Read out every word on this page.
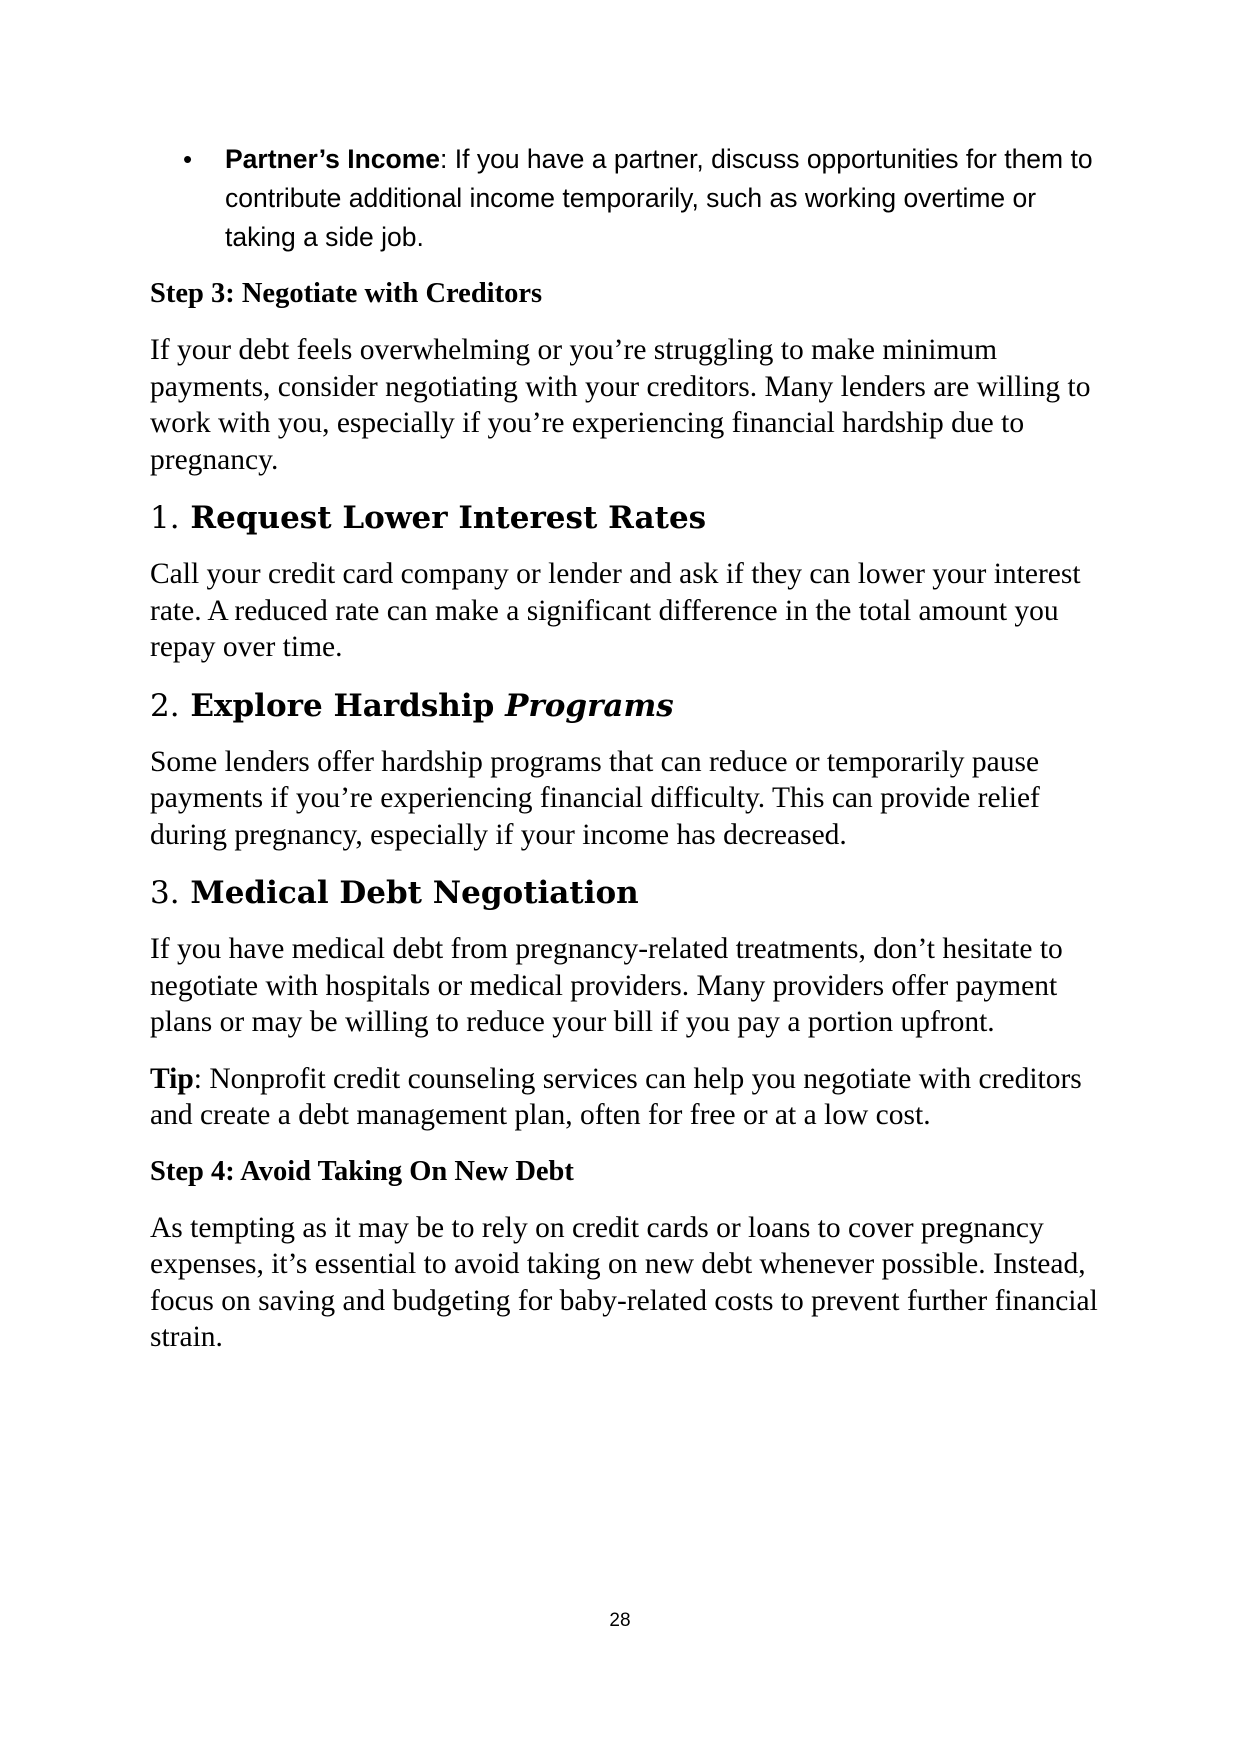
• Partner’s Income: If you have a partner, discuss opportunities for them to contribute additional income temporarily, such as working overtime or taking a side job.
Step 3: Negotiate with Creditors

If your debt feels overwhelming or you’re struggling to make minimum payments, consider negotiating with your creditors. Many lenders are willing to work with you, especially if you’re experiencing financial hardship due to pregnancy.

1. Request Lower Interest Rates

Call your credit card company or lender and ask if they can lower your interest rate. A reduced rate can make a significant difference in the total amount you repay over time.

2. Explore Hardship Programs

Some lenders offer hardship programs that can reduce or temporarily pause payments if you’re experiencing financial difficulty. This can provide relief during pregnancy, especially if your income has decreased.

3. Medical Debt Negotiation

If you have medical debt from pregnancy-related treatments, don’t hesitate to negotiate with hospitals or medical providers. Many providers offer payment plans or may be willing to reduce your bill if you pay a portion upfront.

Tip: Nonprofit credit counseling services can help you negotiate with creditors and create a debt management plan, often for free or at a low cost.

Step 4: Avoid Taking On New Debt

As tempting as it may be to rely on credit cards or loans to cover pregnancy expenses, it’s essential to avoid taking on new debt whenever possible. Instead, focus on saving and budgeting for baby-related costs to prevent further financial strain.

28
